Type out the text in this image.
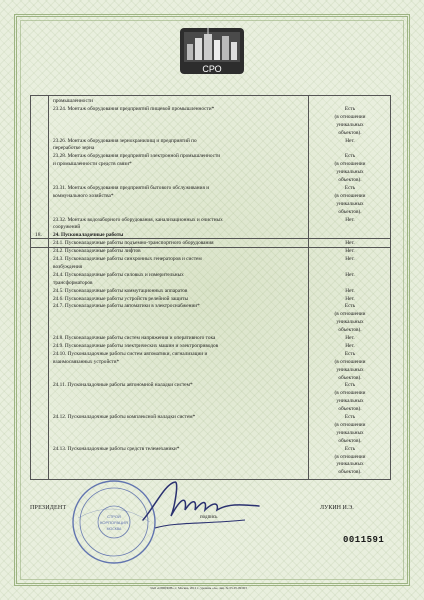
СРО
промышленности
23.24. Монтаж оборудования предприятий пищевой промышленности*	Есть
(в отношении
уникальных
объектов).
23.26. Монтаж оборудования зернохранилищ и предприятий по	Нет.
переработке зерна
23.28. Монтаж оборудования предприятий электронной промышленности	Есть
и промышленности средств связи*	(в отношении
уникальных
объектов).
23.31. Монтаж оборудования предприятий бытового обслуживания и	Есть
коммунального хозяйства*	(в отношении
уникальных
объектов).
23.32. Монтаж водозаборного оборудования, канализационных и очистных	Нет.
сооружений
18. 24. Пусконаладочные работы
24.1. Пусконаладочные работы подъемно-транспортного оборудования	Нет.
24.2. Пусконаладочные работы лифтов	Нет.
24.3. Пусконаладочные работы синхронных генераторов и систем	Нет.
возбуждения
24.4. Пусконаладочные работы силовых и измерительных	Нет.
трансформаторов
24.5. Пусконаладочные работы коммутационных аппаратов	Нет.
24.6. Пусконаладочные работы устройств релейной защиты	Нет.
24.7. Пусконаладочные работы автоматики в электроснабжении*	Есть
(в отношении
уникальных
объектов).
24.8. Пусконаладочные работы систем напряжения и оперативного тока	Нет.
24.9. Пусконаладочные работы электрических машин и электроприводов	Нет.
24.10. Пусконаладочные работы систем автоматики, сигнализации и	Есть
взаимосвязанных устройств*	(в отношении
уникальных
объектов).
24.11. Пусконаладочные работы автономной наладки систем*	Есть
(в отношении
уникальных
объектов).
24.12. Пусконаладочные работы комплексной наладки систем*	Есть
(в отношении
уникальных
объектов).
24.13. Пусконаладочные работы средств телемеханики*	Есть
(в отношении
уникальных
объектов).
СТРОЙ
КОРПОРАЦИЯ
МОСКВА
ПРЕЗИДЕНТ
подпись
ЛУКИН И.Э.
0011591
ЗАО «ОПЦИОН», г. Москва, 2012 г., уровень «А», лиц. № 05-05-09/003
